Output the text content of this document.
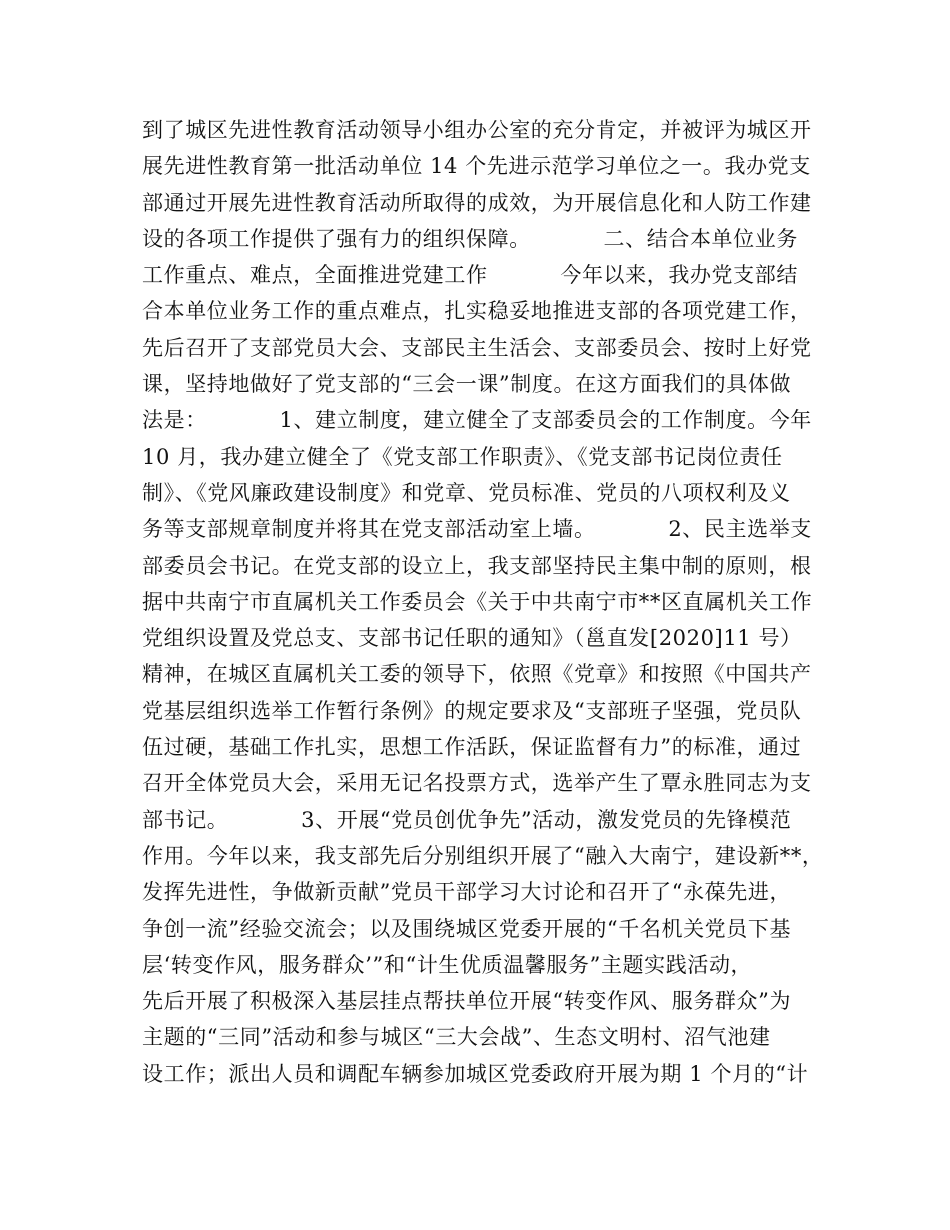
到了城区先进性教育活动领导小组办公室的充分肯定，并被评为城区开
展先进性教育第一批活动单位 14 个先进示范学习单位之一。我办党支
部通过开展先进性教育活动所取得的成效，为开展信息化和人防工作建
设的各项工作提供了强有力的组织保障。          二、结合本单位业务
工作重点、难点，全面推进党建工作          今年以来，我办党支部结
合本单位业务工作的重点难点，扎实稳妥地推进支部的各项党建工作，
先后召开了支部党员大会、支部民主生活会、支部委员会、按时上好党
课，坚持地做好了党支部的“三会一课”制度。在这方面我们的具体做
法是：          1、建立制度，建立健全了支部委员会的工作制度。今年
10 月，我办建立健全了《党支部工作职责》、《党支部书记岗位责任
制》、《党风廉政建设制度》和党章、党员标准、党员的八项权利及义
务等支部规章制度并将其在党支部活动室上墙。          2、民主选举支
部委员会书记。在党支部的设立上，我支部坚持民主集中制的原则，根
据中共南宁市直属机关工作委员会《关于中共南宁市**区直属机关工作
党组织设置及党总支、支部书记任职的通知》（邕直发[2020]11 号）
精神，在城区直属机关工委的领导下，依照《党章》和按照《中国共产
党基层组织选举工作暂行条例》的规定要求及“支部班子坚强，党员队
伍过硬，基础工作扎实，思想工作活跃，保证监督有力”的标准，通过
召开全体党员大会，采用无记名投票方式，选举产生了覃永胜同志为支
部书记。          3、开展“党员创优争先”活动，激发党员的先锋模范
作用。今年以来，我支部先后分别组织开展了“融入大南宁，建设新**，
发挥先进性，争做新贡献”党员干部学习大讨论和召开了“永葆先进，
争创一流”经验交流会；以及围绕城区党委开展的“千名机关党员下基
层‘转变作风，服务群众’”和“计生优质温馨服务”主题实践活动，
先后开展了积极深入基层挂点帮扶单位开展“转变作风、服务群众”为
主题的“三同”活动和参与城区“三大会战”、生态文明村、沼气池建
设工作；派出人员和调配车辆参加城区党委政府开展为期 1 个月的“计
